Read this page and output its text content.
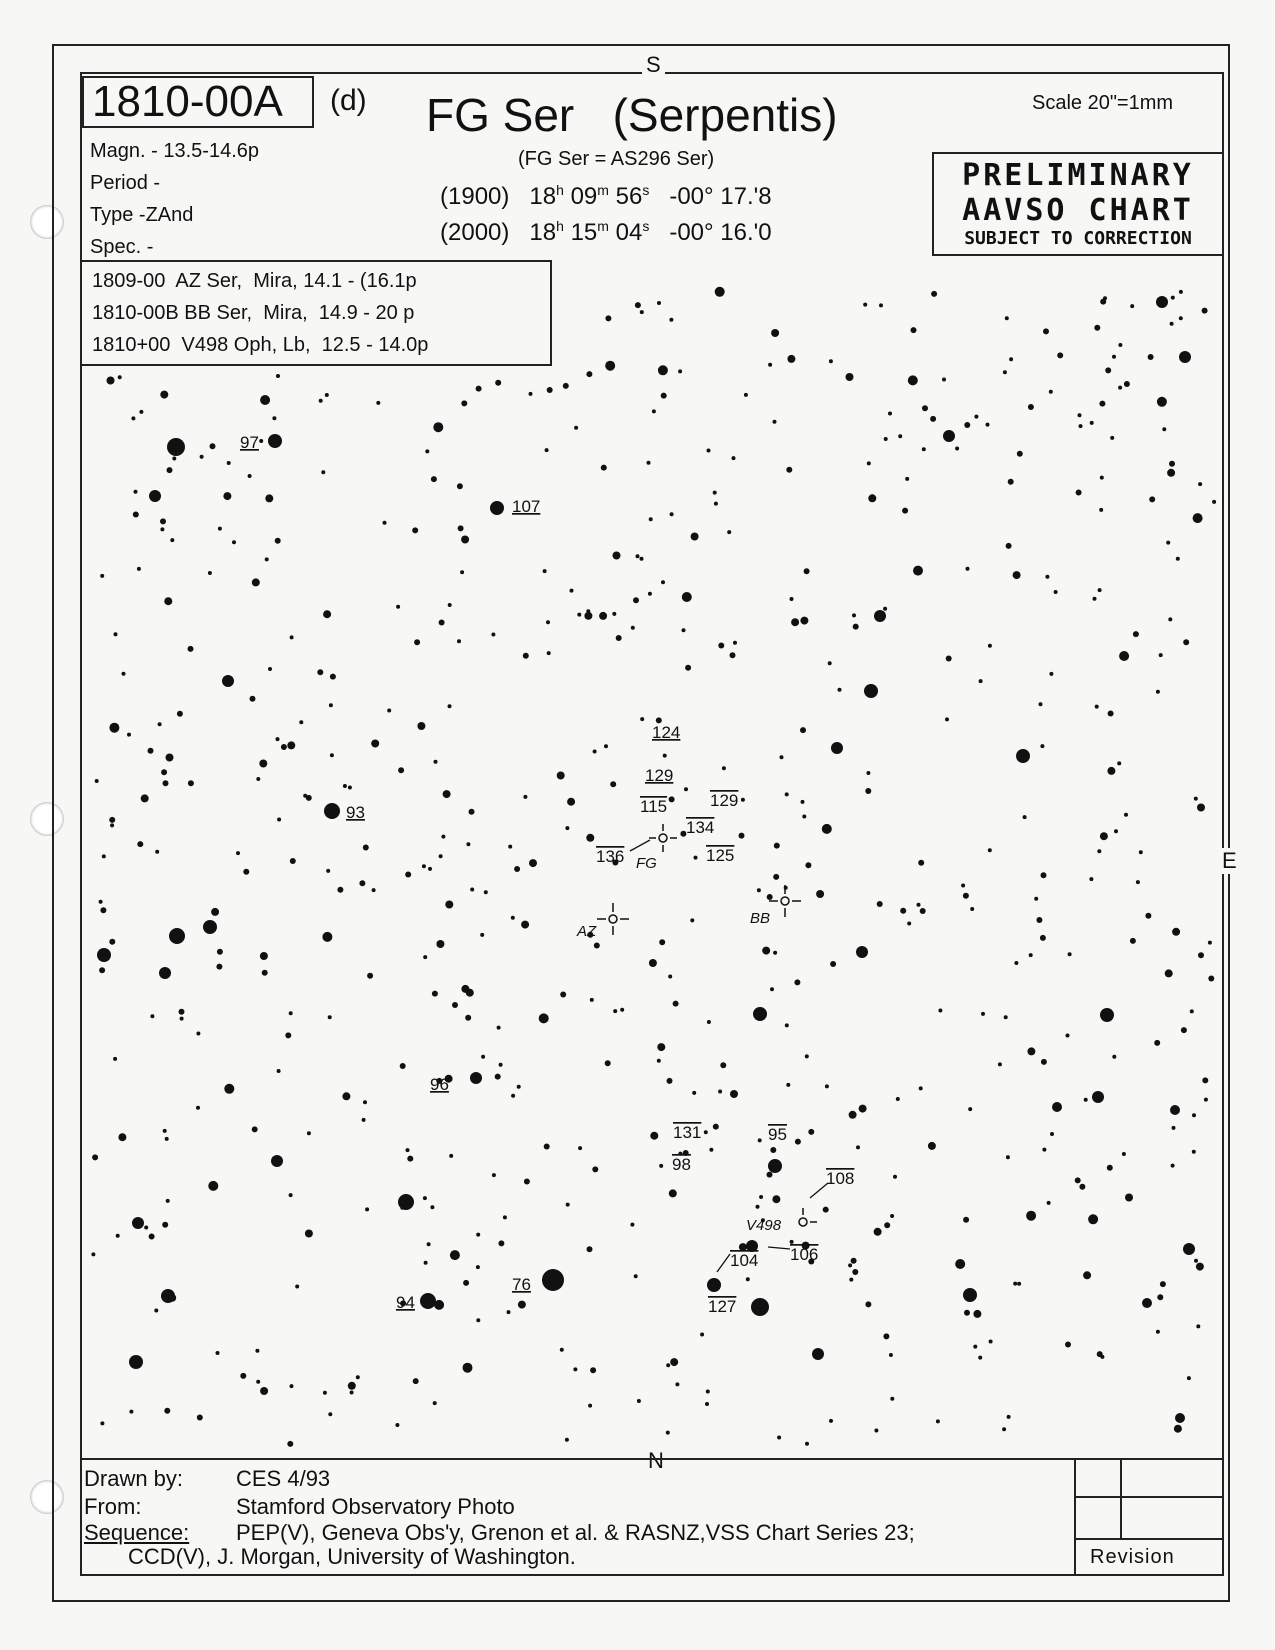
S
N
E
1810-00A	(d) FG Ser   (Serpentis)	Scale 20"=1mm
(FG Ser = AS296 Ser)
(1900) 18$^h$ 09$^m$ 56$^s$ -00° 17.'8
(2000) 18$^h$ 15$^m$ 04$^s$ -00° 16.'0
Magn. - 13.5-14.6p
Period -
Type -ZAnd
Spec. -
PRELIMINARY
AAVSO CHART
SUBJECT TO CORRECTION
1809-00  AZ Ser,  Mira, 14.1 - (16.1p
1810-00B BB Ser,  Mira,  14.9 - 20 p
1810+00  V498 Oph, Lb,  12.5 - 14.0p
97
107
124
129
129
115
134
136	125
93
FG
AZ
BB
96
131	95
98
108
V498
104 106
76
94	127
Drawn by: CES 4/93
From:	Stamford Observatory Photo
Sequence: PEP(V), Geneva Obs'y, Grenon et al. & RASNZ,VSS Chart Series 23;
CCD(V), J. Morgan, University of Washington.	Revision
